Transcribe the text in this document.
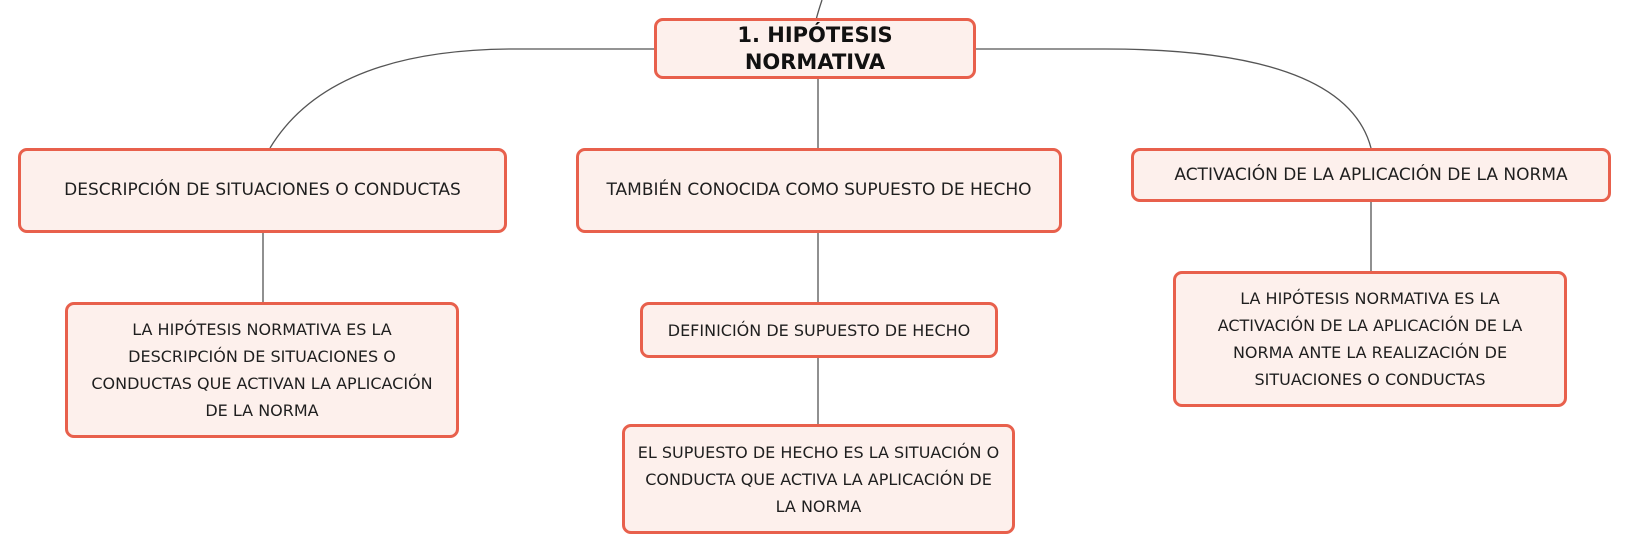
1. HIPÓTESIS NORMATIVA
DESCRIPCIÓN DE SITUACIONES O CONDUCTAS	TAMBIÉN CONOCIDA COMO SUPUESTO DE HECHO
ACTIVACIÓN DE LA APLICACIÓN DE LA NORMA
LA HIPÓTESIS NORMATIVA ES LA DESCRIPCIÓN DE SITUACIONES O CONDUCTAS QUE ACTIVAN LA APLICACIÓN DE LA NORMA
DEFINICIÓN DE SUPUESTO DE HECHO
EL SUPUESTO DE HECHO ES LA SITUACIÓN O CONDUCTA QUE ACTIVA LA APLICACIÓN DE LA NORMA
LA HIPÓTESIS NORMATIVA ES LA ACTIVACIÓN DE LA APLICACIÓN DE LA NORMA ANTE LA REALIZACIÓN DE SITUACIONES O CONDUCTAS
